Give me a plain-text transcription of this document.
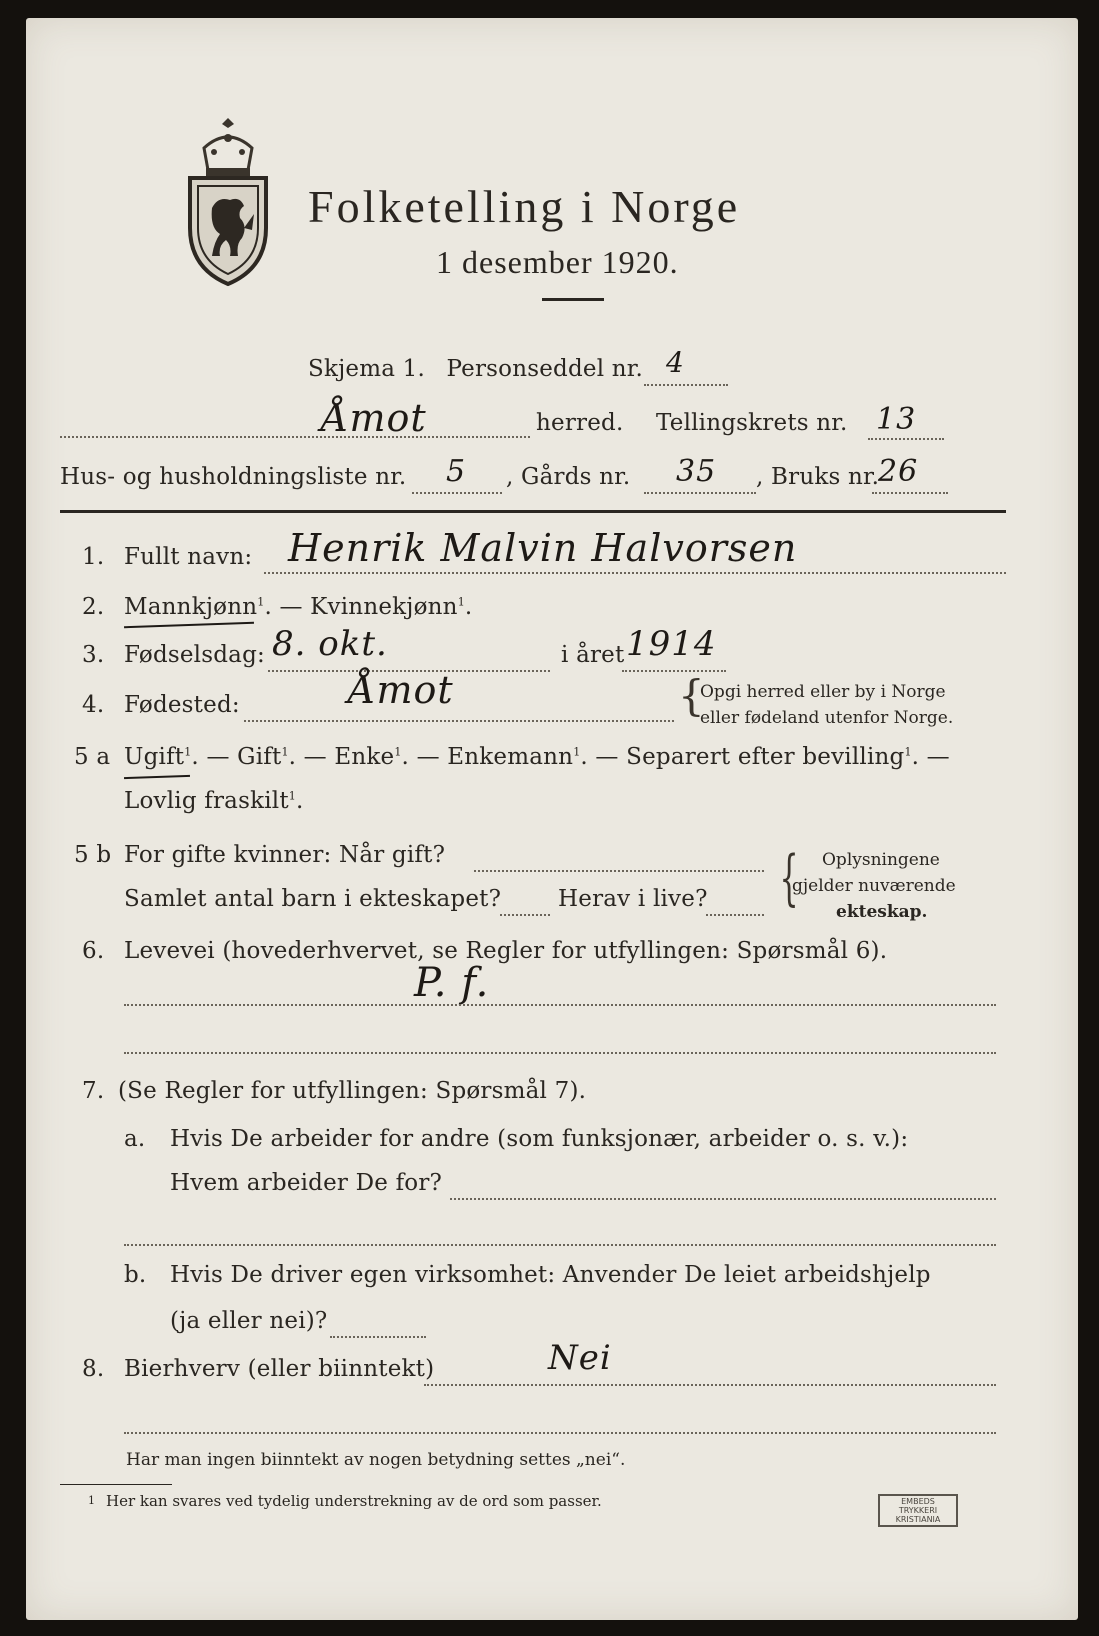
Folketelling i Norge
1 desember 1920.
Skjema 1. Personseddel nr. 4
Åmot	herred. Tellingskrets nr. 13
Hus- og husholdningsliste nr. 5 , Gårds nr. 35 , Bruks nr.
26
1. Fullt navn: Henrik Malvin Halvorsen
2. Mannkjønn$^1$. — Kvinnekjønn$^1$.
3. Fødselsdag: 8. okt.	i året 1914
4. Fødested:	Åmot	{
Opgi herred eller by i Norge
eller fødeland utenfor Norge.
5 a Ugift$^1$. — Gift$^1$. — Enke$^1$. — Enkemann$^1$. — Separert efter bevilling$^1$. —
Lovlig fraskilt$^1$.
5 b For gifte kvinner: Når gift?
Samlet antal barn i ekteskapet? Herav i live? { Oplysningene
gjelder nuværende
ekteskap.
6. Levevei (hovederhvervet, se Regler for utfyllingen: Spørsmål 6).
P. f.
7. (Se Regler for utfyllingen: Spørsmål 7).
a. Hvis De arbeider for andre (som funksjonær, arbeider o. s. v.):
Hvem arbeider De for?
b. Hvis De driver egen virksomhet: Anvender De leiet arbeidshjelp
(ja eller nei)?
8. Bierhverv (eller biinntekt)	Nei
Har man ingen biinntekt av nogen betydning settes „nei“.
1 Her kan svares ved tydelig understrekning av de ord som passer.	EMBEDS TRYKKERI
KRISTIANIA
